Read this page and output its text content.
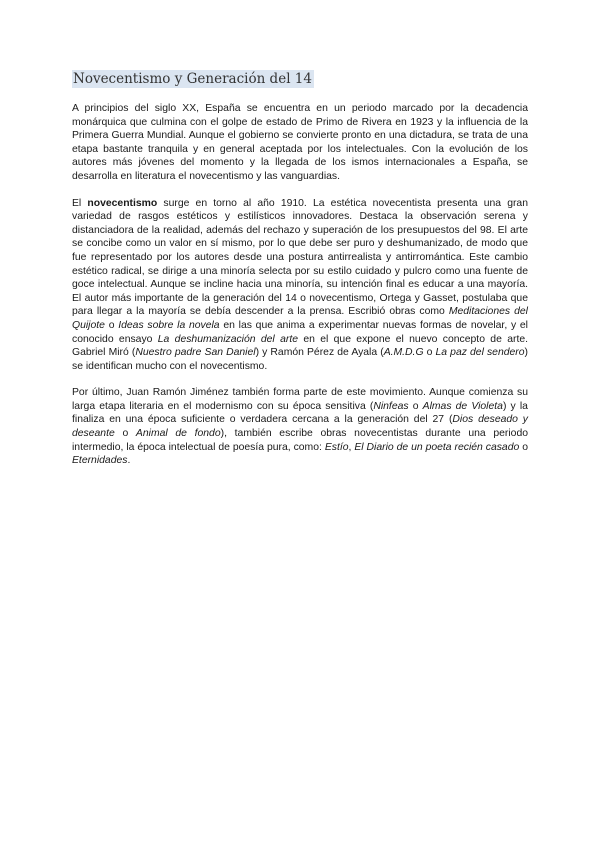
Novecentismo y Generación del 14

A principios del siglo XX, España se encuentra en un periodo marcado por la decadencia monárquica que culmina con el golpe de estado de Primo de Rivera en 1923 y la influencia de la Primera Guerra Mundial. Aunque el gobierno se convierte pronto en una dictadura, se trata de una etapa bastante tranquila y en general aceptada por los intelectuales. Con la evolución de los autores más jóvenes del momento y la llegada de los ismos internacionales a España, se desarrolla en literatura el novecentismo y las vanguardias.

El novecentismo surge en torno al año 1910. La estética novecentista presenta una gran variedad de rasgos estéticos y estilísticos innovadores. Destaca la observación serena y distanciadora de la realidad, además del rechazo y superación de los presupuestos del 98. El arte se concibe como un valor en sí mismo, por lo que debe ser puro y deshumanizado, de modo que fue representado por los autores desde una postura antirrealista y antirromántica. Este cambio estético radical, se dirige a una minoría selecta por su estilo cuidado y pulcro como una fuente de goce intelectual. Aunque se incline hacia una minoría, su intención final es educar a una mayoría. El autor más importante de la generación del 14 o novecentismo, Ortega y Gasset, postulaba que para llegar a la mayoría se debía descender a la prensa. Escribió obras como Meditaciones del Quijote o Ideas sobre la novela en las que anima a experimentar nuevas formas de novelar, y el conocido ensayo La deshumanización del arte en el que expone el nuevo concepto de arte. Gabriel Miró (Nuestro padre San Daniel) y Ramón Pérez de Ayala (A.M.D.G o La paz del sendero) se identifican mucho con el novecentismo.

Por último, Juan Ramón Jiménez también forma parte de este movimiento. Aunque comienza su larga etapa literaria en el modernismo con su época sensitiva (Ninfeas o Almas de Violeta) y la finaliza en una época suficiente o verdadera cercana a la generación del 27 (Dios deseado y deseante o Animal de fondo), también escribe obras novecentistas durante una periodo intermedio, la época intelectual de poesía pura, como: Estío, El Diario de un poeta recién casado o Eternidades.
